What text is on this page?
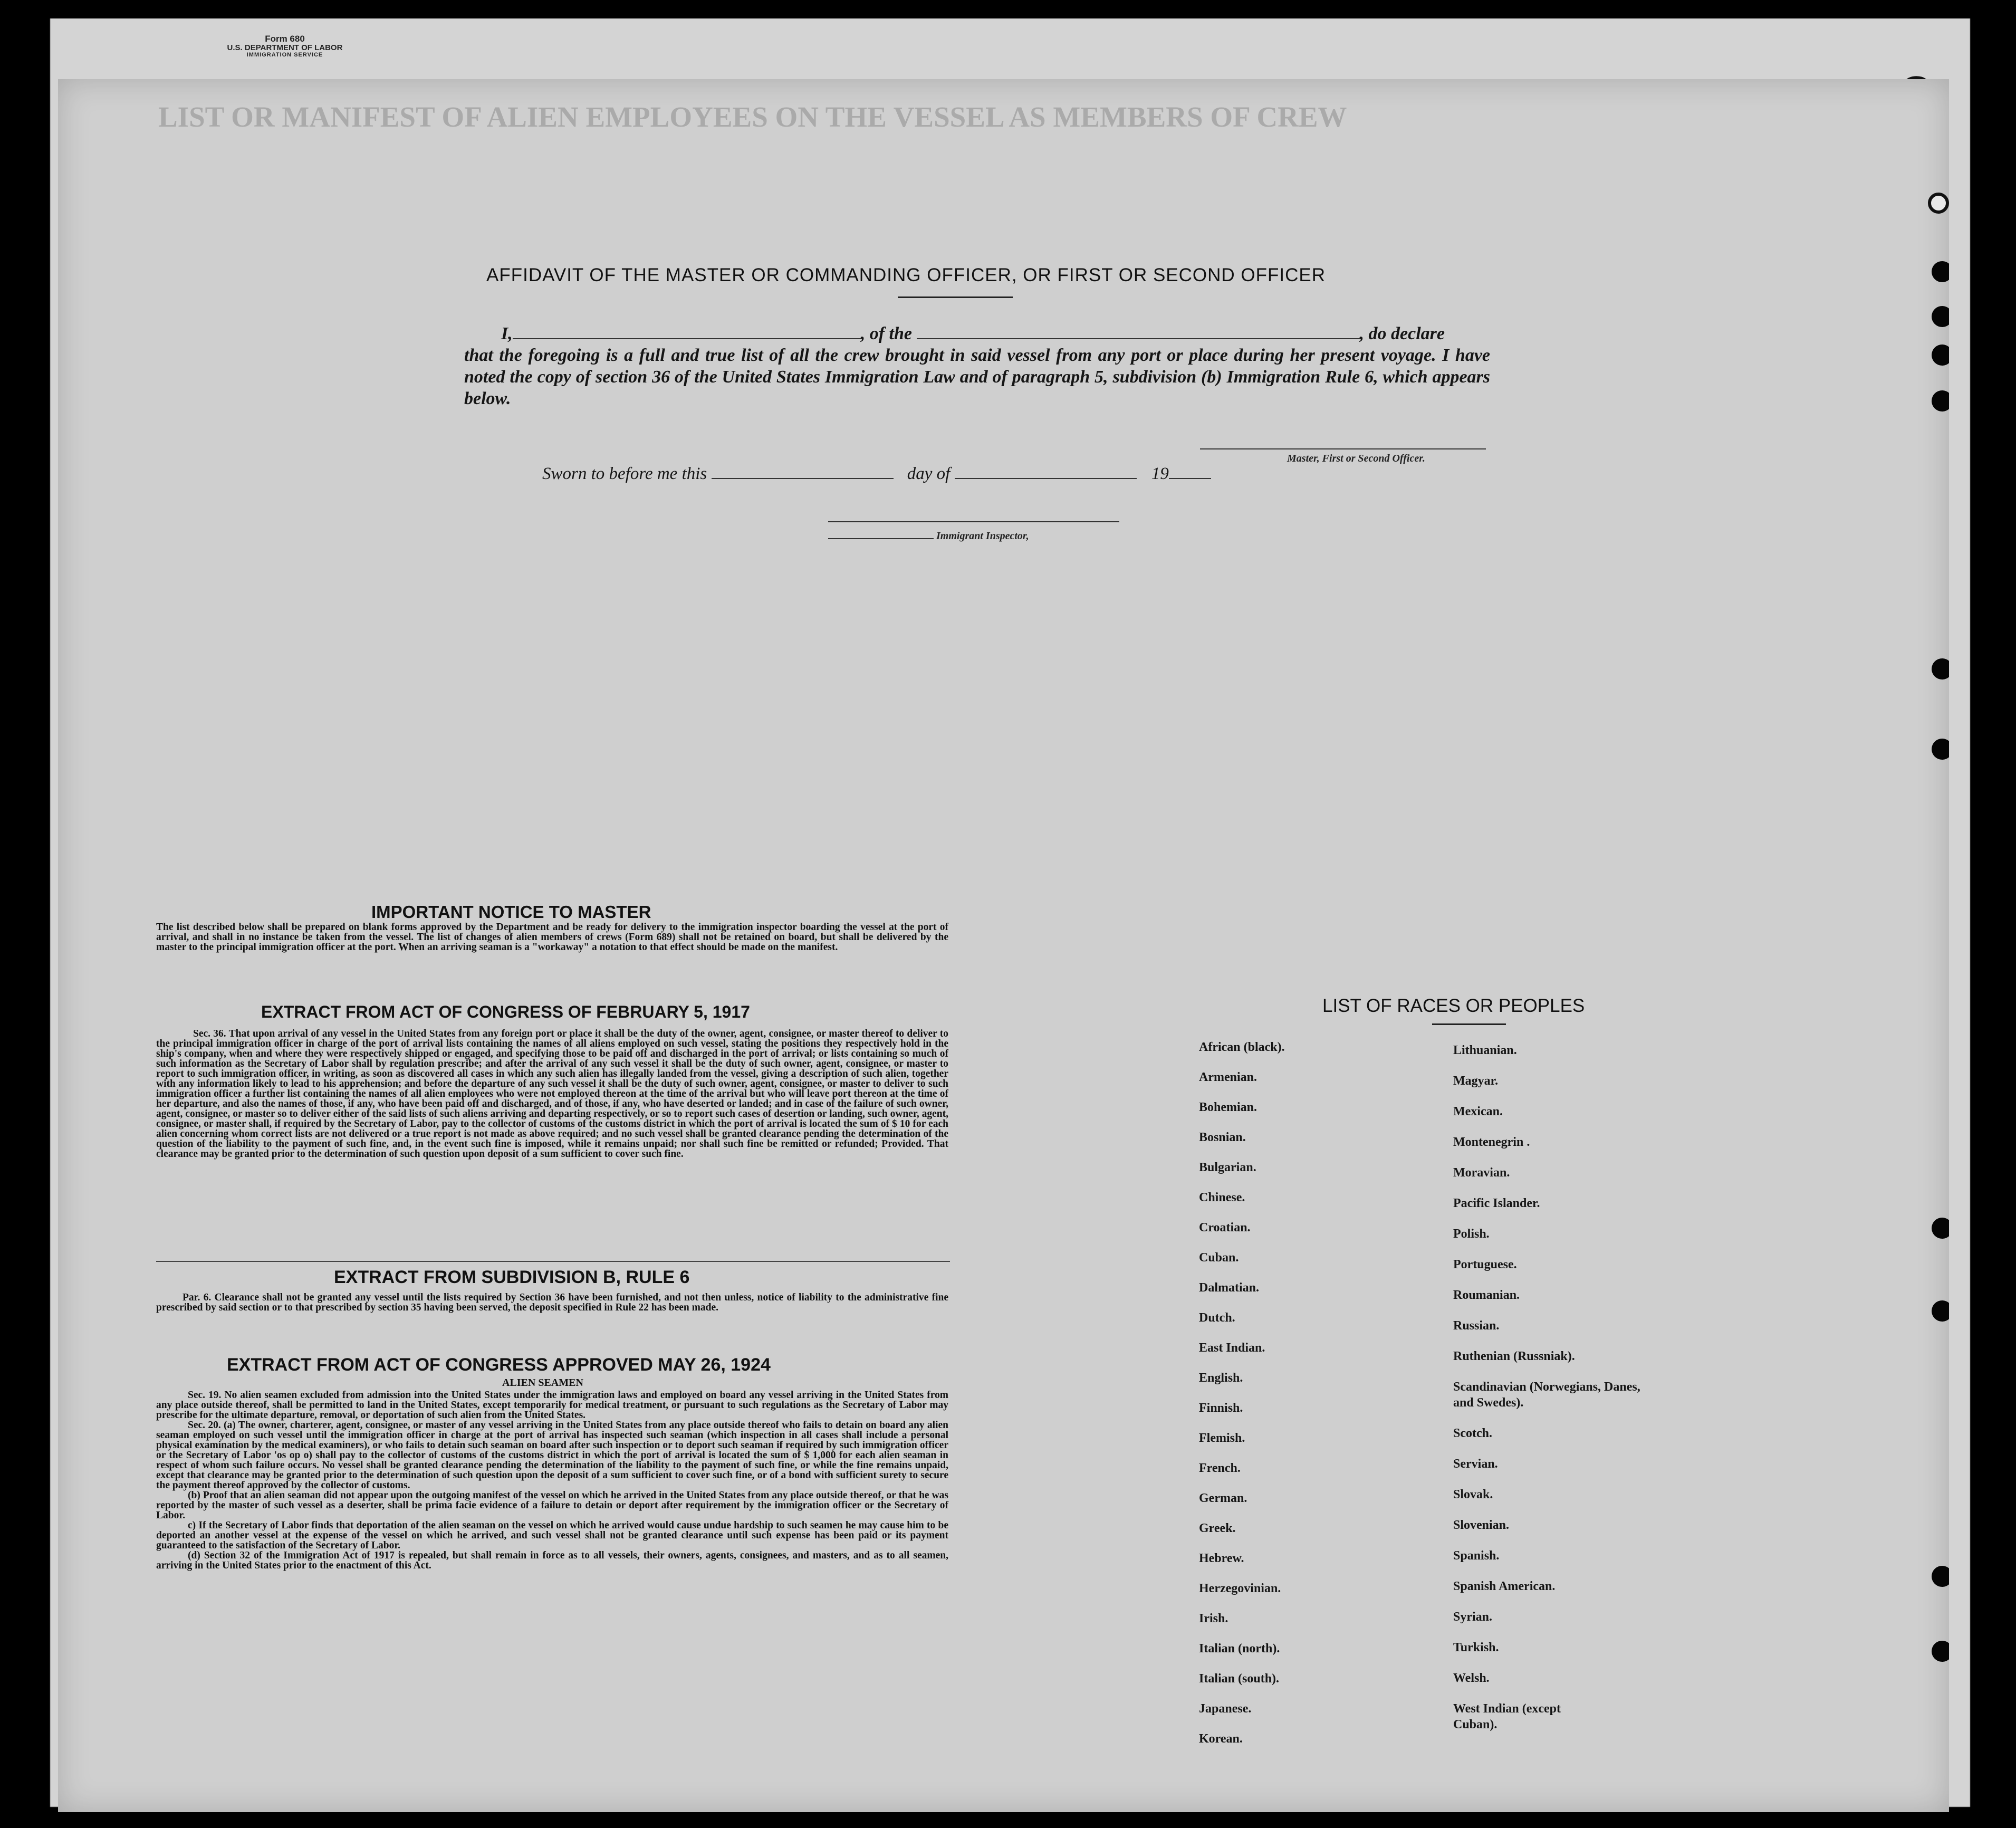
Form 680
U.S. DEPARTMENT OF LABOR
IMMIGRATION SERVICE
LIST OR MANIFEST OF ALIEN EMPLOYEES ON THE VESSEL AS MEMBERS OF CREW
AFFIDAVIT OF THE MASTER OR COMMANDING OFFICER, OR FIRST OR SECOND OFFICER
I,	, of the	, do declare
that the foregoing is a full and true list of all the crew brought in said vessel from any port or place during her present voyage. I have noted the copy of section 36 of the United States Immigration Law and of paragraph 5, subdivision (b) Immigration Rule 6, which appears below.
Master, First or Second Officer.
Sworn to before me this	day of	19
Immigrant Inspector,
IMPORTANT NOTICE TO MASTER
The list described below shall be prepared on blank forms approved by the Department and be ready for delivery to the immigration inspector boarding the vessel at the port of arrival, and shall in no instance be taken from the vessel. The list of changes of alien members of crews (Form 689) shall not be retained on board, but shall be delivered by the master to the principal immigration officer at the port. When an arriving seaman is a "workaway" a notation to that effect should be made on the manifest.
EXTRACT FROM ACT OF CONGRESS OF FEBRUARY 5, 1917
Sec. 36. That upon arrival of any vessel in the United States from any foreign port or place it shall be the duty of the owner, agent, consignee, or master thereof to deliver to the principal immigration officer in charge of the port of arrival lists containing the names of all aliens employed on such vessel, stating the positions they respectively hold in the ship's company, when and where they were respectively shipped or engaged, and specifying those to be paid off and discharged in the port of arrival; or lists containing so much of such information as the Secretary of Labor shall by regulation prescribe; and after the arrival of any such vessel it shall be the duty of such owner, agent, consignee, or master to report to such immigration officer, in writing, as soon as discovered all cases in which any such alien has illegally landed from the vessel, giving a description of such alien, together with any information likely to lead to his apprehension; and before the departure of any such vessel it shall be the duty of such owner, agent, consignee, or master to deliver to such immigration officer a further list containing the names of all alien employees who were not employed thereon at the time of the arrival but who will leave port thereon at the time of her departure, and also the names of those, if any, who have been paid off and discharged, and of those, if any, who have deserted or landed; and in case of the failure of such owner, agent, consignee, or master so to deliver either of the said lists of such aliens arriving and departing respectively, or so to report such cases of desertion or landing, such owner, agent, consignee, or master shall, if required by the Secretary of Labor, pay to the collector of customs of the customs district in which the port of arrival is located the sum of $ 10 for each alien concerning whom correct lists are not delivered or a true report is not made as above required; and no such vessel shall be granted clearance pending the determination of the question of the liability to the payment of such fine, and, in the event such fine is imposed, while it remains unpaid; nor shall such fine be remitted or refunded; Provided. That clearance may be granted prior to the determination of such question upon deposit of a sum sufficient to cover such fine.
EXTRACT FROM SUBDIVISION B, RULE 6
Par. 6. Clearance shall not be granted any vessel until the lists required by Section 36 have been furnished, and not then unless, notice of liability to the administrative fine prescribed by said section or to that prescribed by section 35 having been served, the deposit specified in Rule 22 has been made.
EXTRACT FROM ACT OF CONGRESS APPROVED MAY 26, 1924
ALIEN SEAMEN

Sec. 19. No alien seamen excluded from admission into the United States under the immigration laws and employed on board any vessel arriving in the United States from any place outside thereof, shall be permitted to land in the United States, except temporarily for medical treatment, or pursuant to such regulations as the Secretary of Labor may prescribe for the ultimate departure, removal, or deportation of such alien from the United States.

Sec. 20. (a) The owner, charterer, agent, consignee, or master of any vessel arriving in the United States from any place outside thereof who fails to detain on board any alien seaman employed on such vessel until the immigration officer in charge at the port of arrival has inspected such seaman (which inspection in all cases shall include a personal physical examination by the medical examiners), or who fails to detain such seaman on board after such inspection or to deport such seaman if required by such immigration officer or the Secretary of Labor 'os op o) shall pay to the collector of customs of the customs district in which the port of arrival is located the sum of $ 1,000 for each alien seaman in respect of whom such failure occurs. No vessel shall be granted clearance pending the determination of the liability to the payment of such fine, or while the fine remains unpaid, except that clearance may be granted prior to the determination of such question upon the deposit of a sum sufficient to cover such fine, or of a bond with sufficient surety to secure the payment thereof approved by the collector of customs.

(b) Proof that an alien seaman did not appear upon the outgoing manifest of the vessel on which he arrived in the United States from any place outside thereof, or that he was reported by the master of such vessel as a deserter, shall be prima facie evidence of a failure to detain or deport after requirement by the immigration officer or the Secretary of Labor.

c) If the Secretary of Labor finds that deportation of the alien seaman on the vessel on which he arrived would cause undue hardship to such seamen he may cause him to be deported an another vessel at the expense of the vessel on which he arrived, and such vessel shall not be granted clearance until such expense has been paid or its payment guaranteed to the satisfaction of the Secretary of Labor.

(d) Section 32 of the Immigration Act of 1917 is repealed, but shall remain in force as to all vessels, their owners, agents, consignees, and masters, and as to all seamen, arriving in the United States prior to the enactment of this Act.

LIST OF RACES OR PEOPLES
African (black).
Armenian.
Bohemian.
Bosnian.
Bulgarian.
Chinese.
Croatian.
Cuban.
Dalmatian.
Dutch.
East Indian.
English.
Finnish.
Flemish.
French.
German.
Greek.
Hebrew.
Herzegovinian.
Irish.
Italian (north).
Italian (south).
Japanese.
Korean.
Lithuanian.
Magyar.
Mexican.
Montenegrin .
Moravian.
Pacific Islander.
Polish.
Portuguese.
Roumanian.
Russian.
Ruthenian (Russniak).
Scandinavian (Norwegians, Danes, and Swedes).
Scotch.
Servian.
Slovak.
Slovenian.
Spanish.
Spanish American.
Syrian.
Turkish.
Welsh.
West Indian (except Cuban).
